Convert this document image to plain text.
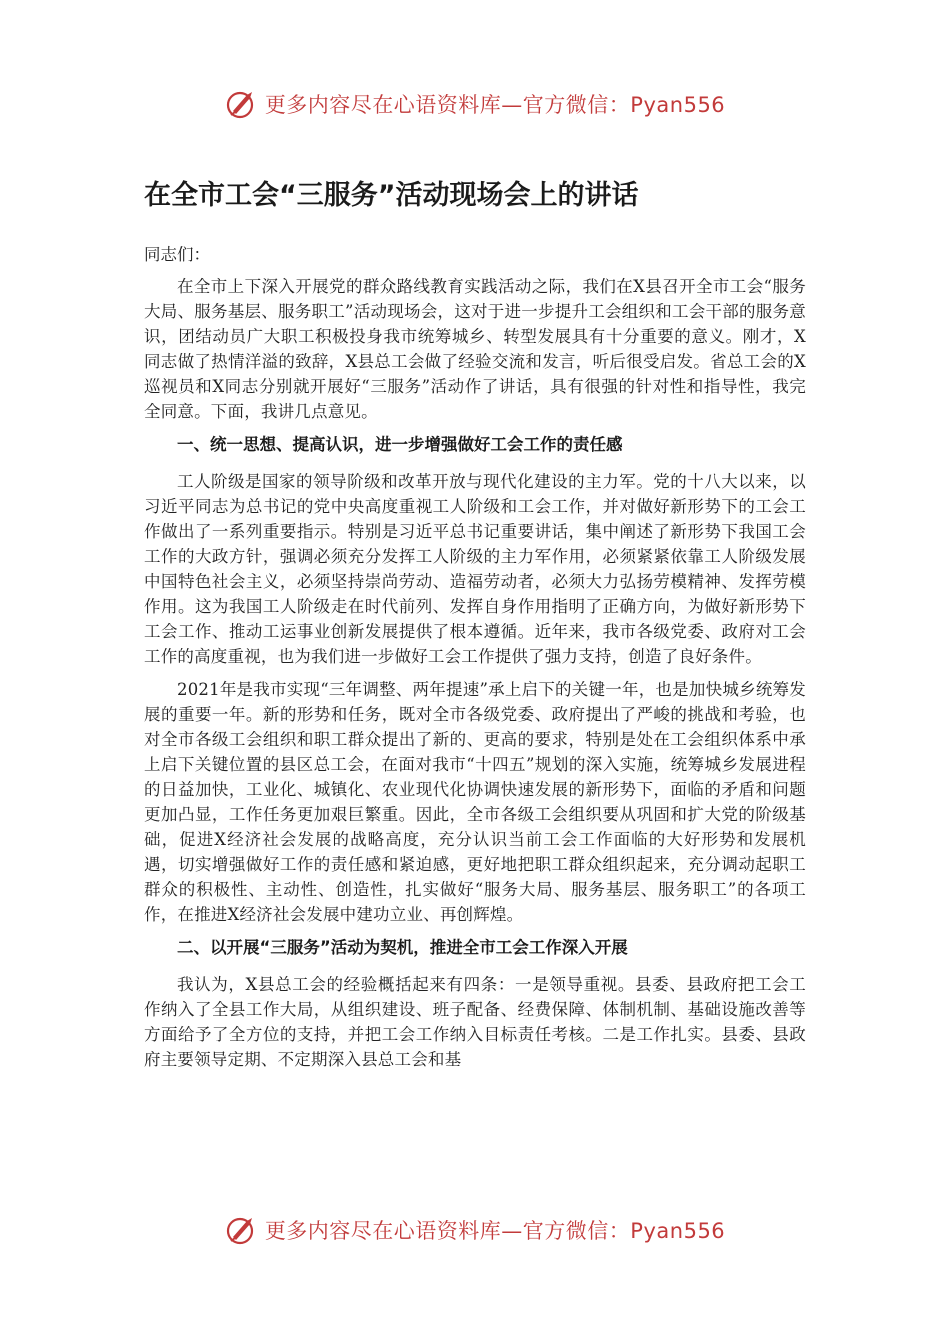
更多内容尽在心语资料库—官方微信：Pyan556
在全市工会“三服务”活动现场会上的讲话

同志们：

在全市上下深入开展党的群众路线教育实践活动之际，我们在X县召开全市工会“服务大局、服务基层、服务职工”活动现场会，这对于进一步提升工会组织和工会干部的服务意识，团结动员广大职工积极投身我市统筹城乡、转型发展具有十分重要的意义。刚才，X同志做了热情洋溢的致辞，X县总工会做了经验交流和发言，听后很受启发。省总工会的X巡视员和X同志分别就开展好“三服务”活动作了讲话，具有很强的针对性和指导性，我完全同意。下面，我讲几点意见。

一、统一思想、提高认识，进一步增强做好工会工作的责任感

工人阶级是国家的领导阶级和改革开放与现代化建设的主力军。党的十八大以来，以习近平同志为总书记的党中央高度重视工人阶级和工会工作，并对做好新形势下的工会工作做出了一系列重要指示。特别是习近平总书记重要讲话，集中阐述了新形势下我国工会工作的大政方针，强调必须充分发挥工人阶级的主力军作用，必须紧紧依靠工人阶级发展中国特色社会主义，必须坚持崇尚劳动、造福劳动者，必须大力弘扬劳模精神、发挥劳模作用。这为我国工人阶级走在时代前列、发挥自身作用指明了正确方向，为做好新形势下工会工作、推动工运事业创新发展提供了根本遵循。近年来，我市各级党委、政府对工会工作的高度重视，也为我们进一步做好工会工作提供了强力支持，创造了良好条件。

2021年是我市实现“三年调整、两年提速”承上启下的关键一年，也是加快城乡统筹发展的重要一年。新的形势和任务，既对全市各级党委、政府提出了严峻的挑战和考验，也对全市各级工会组织和职工群众提出了新的、更高的要求，特别是处在工会组织体系中承上启下关键位置的县区总工会，在面对我市“十四五”规划的深入实施，统筹城乡发展进程的日益加快，工业化、城镇化、农业现代化协调快速发展的新形势下，面临的矛盾和问题更加凸显，工作任务更加艰巨繁重。因此，全市各级工会组织要从巩固和扩大党的阶级基础，促进X经济社会发展的战略高度，充分认识当前工会工作面临的大好形势和发展机遇，切实增强做好工作的责任感和紧迫感，更好地把职工群众组织起来，充分调动起职工群众的积极性、主动性、创造性，扎实做好“服务大局、服务基层、服务职工”的各项工作，在推进X经济社会发展中建功立业、再创辉煌。

二、以开展“三服务”活动为契机，推进全市工会工作深入开展

我认为，X县总工会的经验概括起来有四条：一是领导重视。县委、县政府把工会工作纳入了全县工作大局，从组织建设、班子配备、经费保障、体制机制、基础设施改善等方面给予了全方位的支持，并把工会工作纳入目标责任考核。二是工作扎实。县委、县政府主要领导定期、不定期深入县总工会和基

更多内容尽在心语资料库—官方微信：Pyan556
